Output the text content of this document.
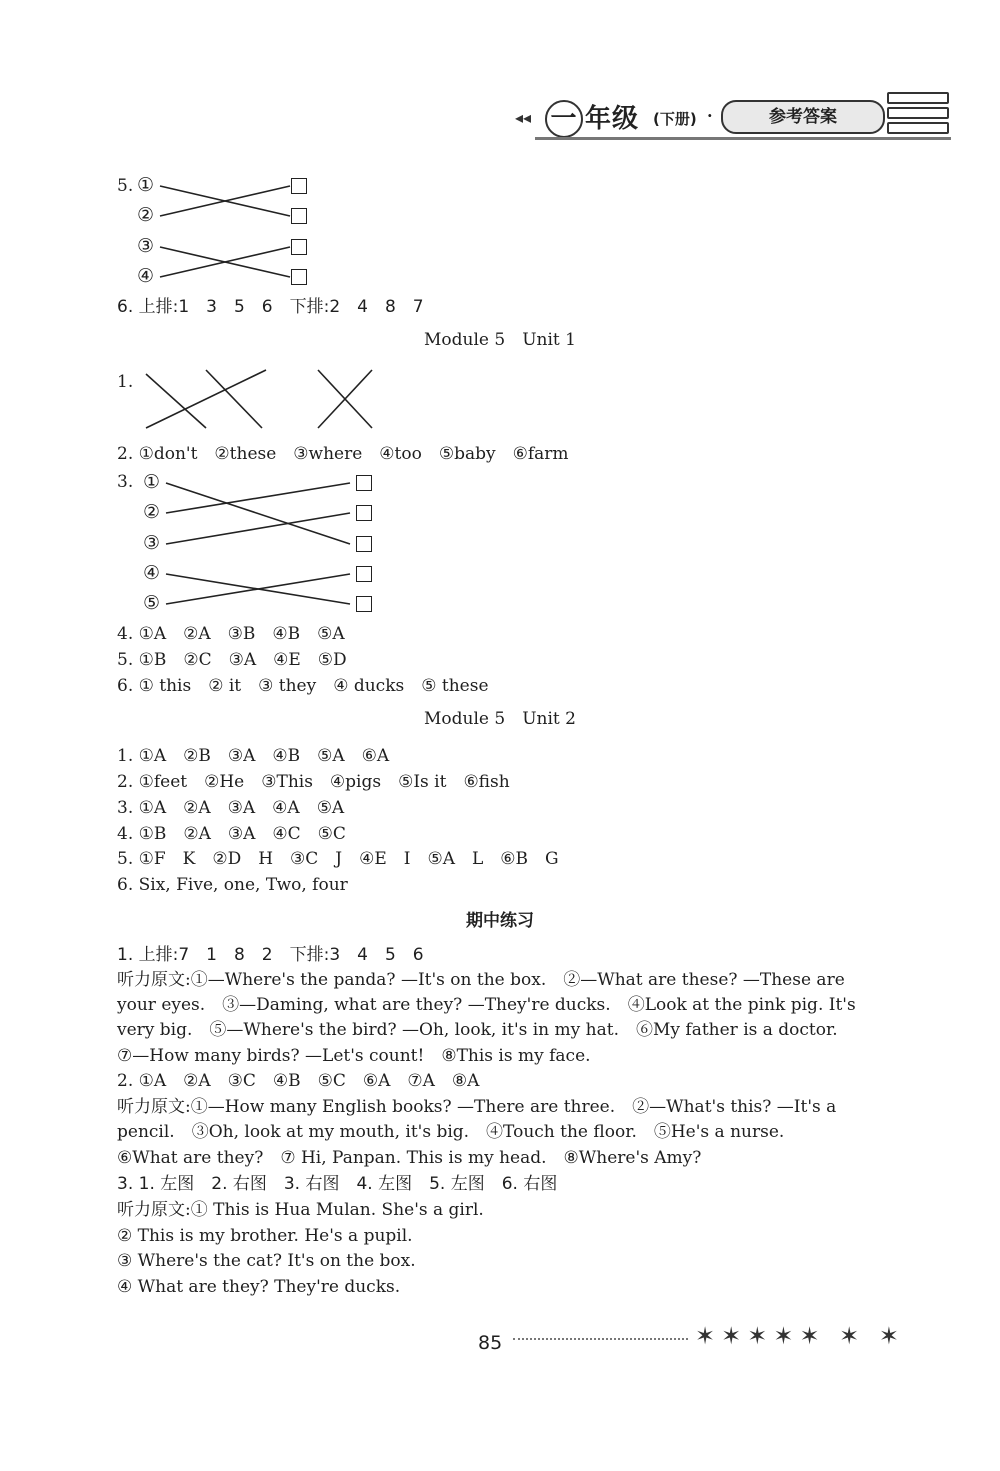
◂◂ 一 年级 (下册) ·	参考答案
5. ①
②
③
④
6. 上排:1　3　5　6　下排:2　4　8　7
Module 5　Unit 1
1.
2. ①don't　②these　③where　④too　⑤baby　⑥farm
3. ①
②
③
④
⑤
4. ①A　②A　③B　④B　⑤A
5. ①B　②C　③A　④E　⑤D
6. ① this　② it　③ they　④ ducks　⑤ these
Module 5　Unit 2
1. ①A　②B　③A　④B　⑤A　⑥A
2. ①feet　②He　③This　④pigs　⑤Is it　⑥fish
3. ①A　②A　③A　④A　⑤A
4. ①B　②A　③A　④C　⑤C
5. ①F　K　②D　H　③C　J　④E　I　⑤A　L　⑥B　G
6. Six, Five, one, Two, four
期中练习
1. 上排:7　1　8　2　下排:3　4　5　6
听力原文:①—Where's the panda? —It's on the box.　②—What are these? —These are
your eyes.　③—Daming, what are they? —They're ducks.　④Look at the pink pig. It's
very big.　⑤—Where's the bird? —Oh, look, it's in my hat.　⑥My father is a doctor.
⑦—How many birds? —Let's count!　⑧This is my face.
2. ①A　②A　③C　④B　⑤C　⑥A　⑦A　⑧A
听力原文:①—How many English books? —There are three.　②—What's this? —It's a
pencil.　③Oh, look at my mouth, it's big.　④Touch the floor.　⑤He's a nurse.
⑥What are they?　⑦ Hi, Panpan. This is my head.　⑧Where's Amy?
3. 1. 左图　2. 右图　3. 右图　4. 左图　5. 左图　6. 右图
听力原文:① This is Hua Mulan. She's a girl.
② This is my brother. He's a pupil.
③ Where's the cat? It's on the box.
④ What are they? They're ducks.
85	✶✶✶✶✶ ✶ ✶
